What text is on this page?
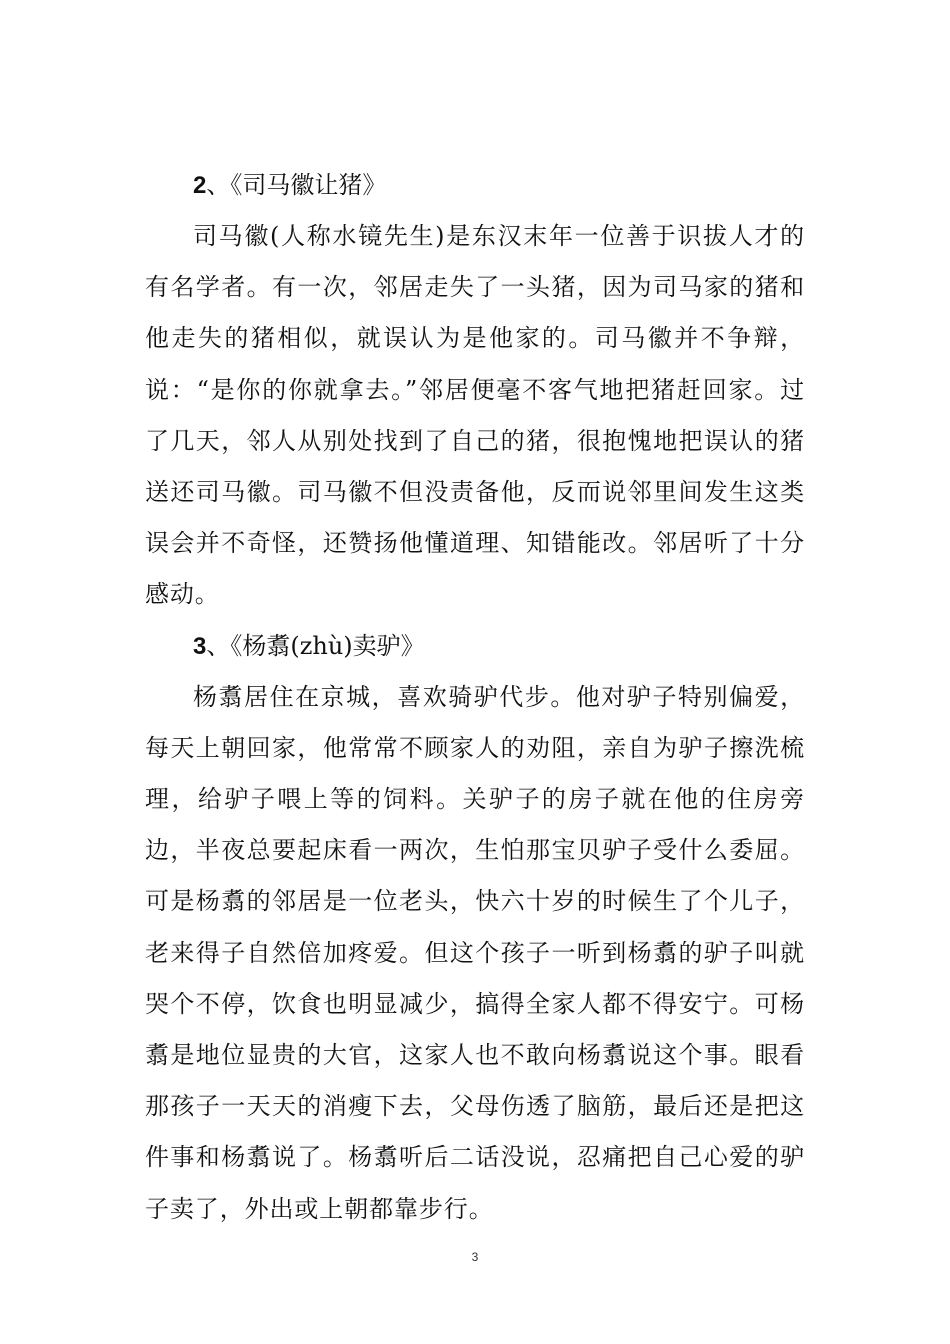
2、《司马徽让猪》

司马徽(人称水镜先生)是东汉末年一位善于识拔人才的有名学者。有一次，邻居走失了一头猪，因为司马家的猪和他走失的猪相似，就误认为是他家的。司马徽并不争辩，说：“是你的你就拿去。”邻居便毫不客气地把猪赶回家。过了几天，邻人从别处找到了自己的猪，很抱愧地把误认的猪送还司马徽。司马徽不但没责备他，反而说邻里间发生这类误会并不奇怪，还赞扬他懂道理、知错能改。邻居听了十分感动。

3、《杨翥(zhù)卖驴》

杨翥居住在京城，喜欢骑驴代步。他对驴子特别偏爱，每天上朝回家，他常常不顾家人的劝阻，亲自为驴子擦洗梳理，给驴子喂上等的饲料。关驴子的房子就在他的住房旁边，半夜总要起床看一两次，生怕那宝贝驴子受什么委屈。可是杨翥的邻居是一位老头，快六十岁的时候生了个儿子，老来得子自然倍加疼爱。但这个孩子一听到杨翥的驴子叫就哭个不停，饮食也明显减少，搞得全家人都不得安宁。可杨翥是地位显贵的大官，这家人也不敢向杨翥说这个事。眼看那孩子一天天的消瘦下去，父母伤透了脑筋，最后还是把这件事和杨翥说了。杨翥听后二话没说，忍痛把自己心爱的驴子卖了，外出或上朝都靠步行。

3
